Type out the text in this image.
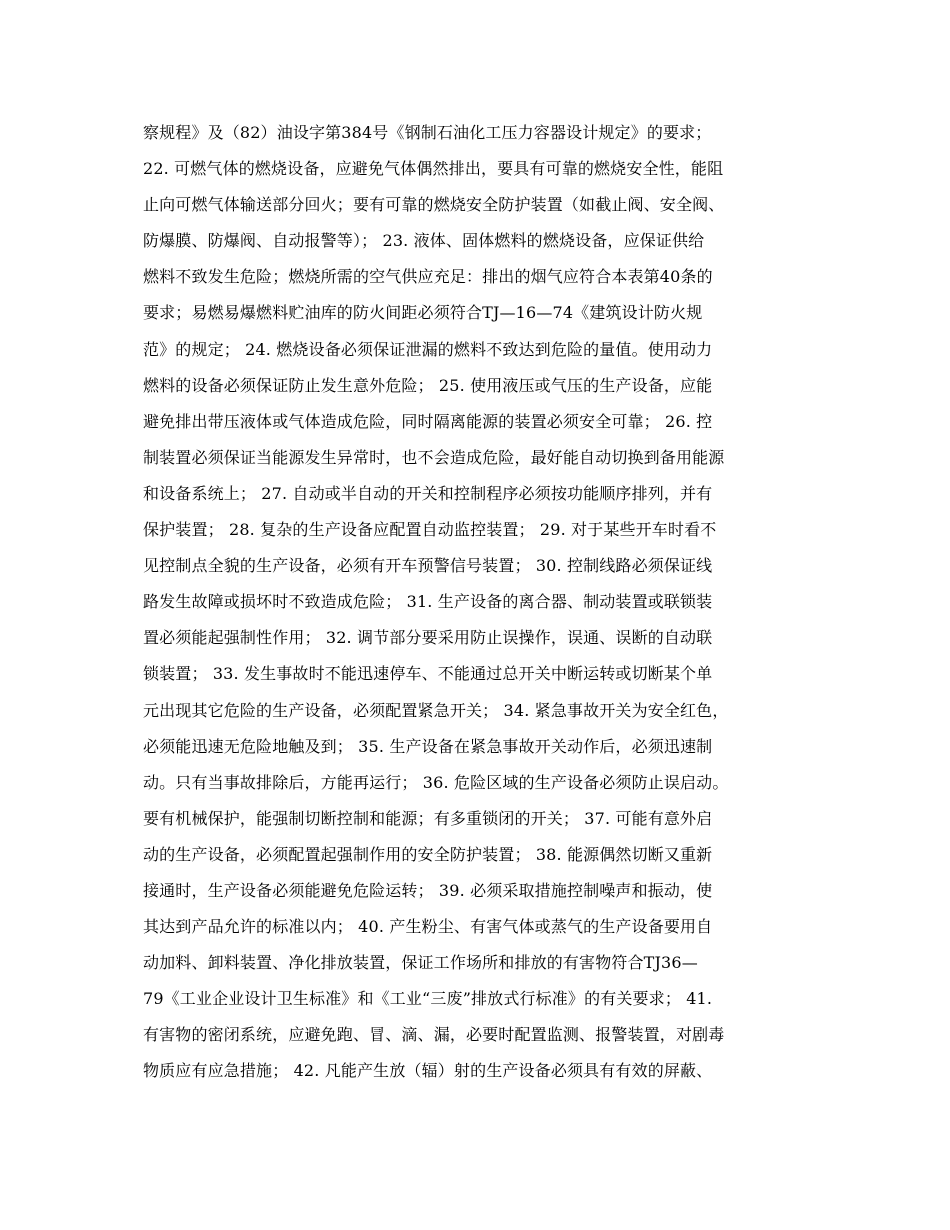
察规程》及（82）油设字第384号《钢制石油化工压力容器设计规定》的要求；
22. 可燃气体的燃烧设备，应避免气体偶然排出，要具有可靠的燃烧安全性，能阻
止向可燃气体输送部分回火；要有可靠的燃烧安全防护装置（如截止阀、安全阀、
防爆膜、防爆阀、自动报警等）； 23. 液体、固体燃料的燃烧设备，应保证供给
燃料不致发生危险；燃烧所需的空气供应充足：排出的烟气应符合本表第40条的
要求；易燃易爆燃料贮油库的防火间距必须符合TJ—16—74《建筑设计防火规
范》的规定； 24. 燃烧设备必须保证泄漏的燃料不致达到危险的量值。使用动力
燃料的设备必须保证防止发生意外危险； 25. 使用液压或气压的生产设备，应能
避免排出带压液体或气体造成危险，同时隔离能源的装置必须安全可靠； 26. 控
制装置必须保证当能源发生异常时，也不会造成危险，最好能自动切换到备用能源
和设备系统上； 27. 自动或半自动的开关和控制程序必须按功能顺序排列，并有
保护装置； 28. 复杂的生产设备应配置自动监控装置； 29. 对于某些开车时看不
见控制点全貌的生产设备，必须有开车预警信号装置； 30. 控制线路必须保证线
路发生故障或损坏时不致造成危险； 31. 生产设备的离合器、制动装置或联锁装
置必须能起强制性作用； 32. 调节部分要采用防止误操作，误通、误断的自动联
锁装置； 33. 发生事故时不能迅速停车、不能通过总开关中断运转或切断某个单
元出现其它危险的生产设备，必须配置紧急开关； 34. 紧急事故开关为安全红色，
必须能迅速无危险地触及到； 35. 生产设备在紧急事故开关动作后，必须迅速制
动。只有当事故排除后，方能再运行； 36. 危险区域的生产设备必须防止误启动。
要有机械保护，能强制切断控制和能源；有多重锁闭的开关； 37. 可能有意外启
动的生产设备，必须配置起强制作用的安全防护装置； 38. 能源偶然切断又重新
接通时，生产设备必须能避免危险运转； 39. 必须采取措施控制噪声和振动，使
其达到产品允许的标准以内； 40. 产生粉尘、有害气体或蒸气的生产设备要用自
动加料、卸料装置、净化排放装置，保证工作场所和排放的有害物符合TJ36—
79《工业企业设计卫生标准》和《工业“三废”排放式行标准》的有关要求； 41.
有害物的密闭系统，应避免跑、冒、滴、漏，必要时配置监测、报警装置，对剧毒
物质应有应急措施； 42. 凡能产生放（辐）射的生产设备必须具有有效的屏蔽、
